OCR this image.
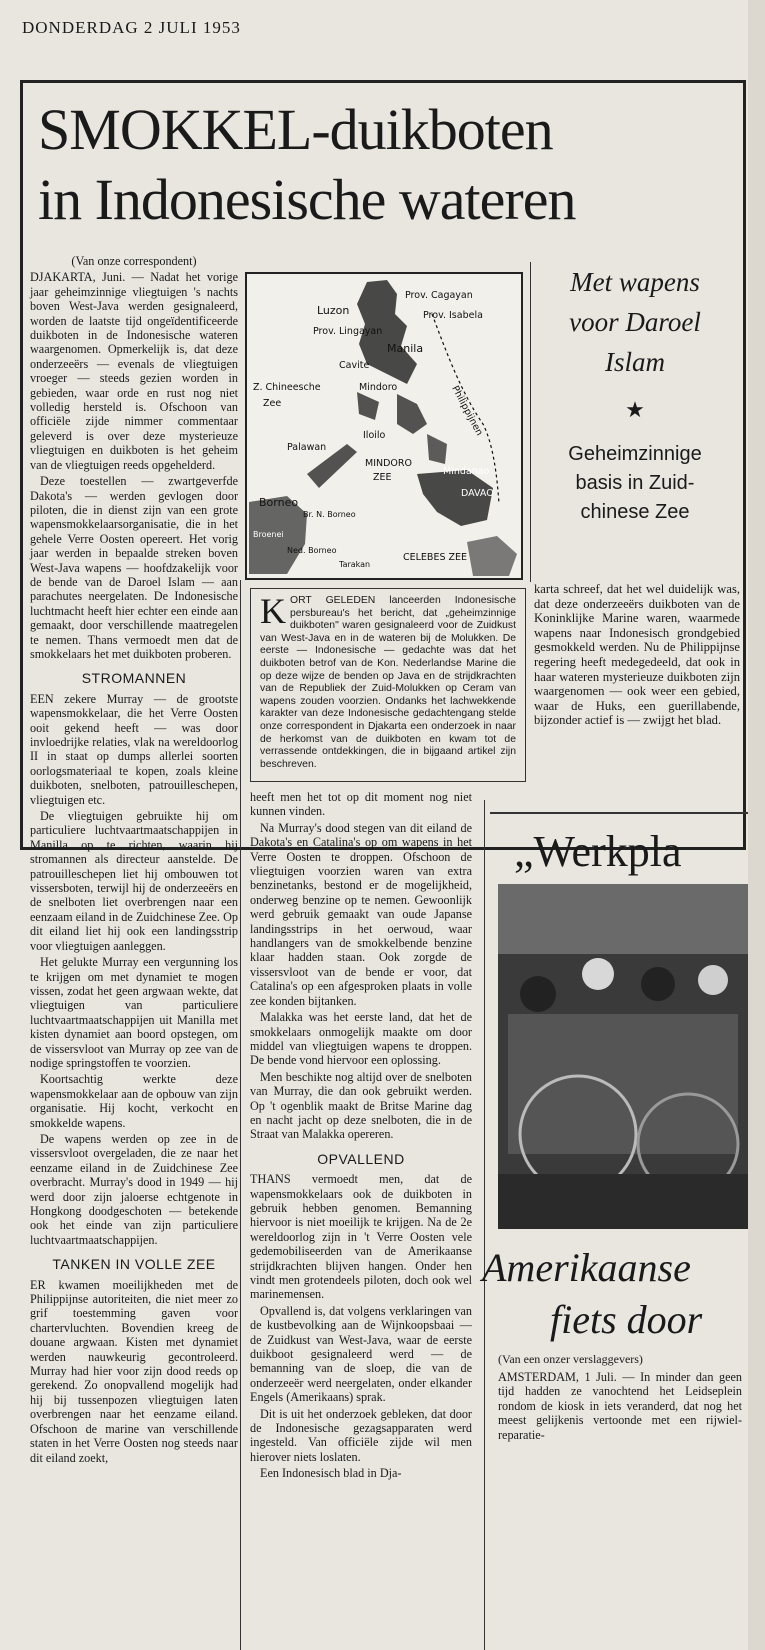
DONDERDAG 2 JULI 1953
SMOKKEL-duikboten
in Indonesische wateren

(Van onze correspondent)

DJAKARTA, Juni. — Nadat het vorige jaar geheimzinnige vliegtuigen 's nachts boven West-Java werden gesignaleerd, worden de laatste tijd ongeïdentificeerde duikboten in de Indonesische wateren waargenomen. Opmerkelijk is, dat deze onderzeeërs — evenals de vliegtuigen vroeger — steeds gezien worden in gebieden, waar orde en rust nog niet volledig hersteld is. Ofschoon van officiële zijde nimmer commentaar geleverd is over deze mysterieuze vliegtuigen en duikboten is het geheim van de vliegtuigen reeds opgehelderd.

Deze toestellen — zwartgeverfde Dakota's — werden gevlogen door piloten, die in dienst zijn van een grote wapensmokkelaarsorganisatie, die in het gehele Verre Oosten opereert. Het vorig jaar werden in bepaalde streken boven West-Java wapens — hoofdzakelijk voor de bende van de Daroel Islam — aan parachutes neergelaten. De Indonesische luchtmacht heeft hier echter een einde aan gemaakt, door verschillende maatregelen te nemen. Thans vermoedt men dat de smokkelaars het met duikboten proberen.

STROMANNEN

EEN zekere Murray — de grootste wapensmokkelaar, die het Verre Oosten ooit gekend heeft — was door invloedrijke relaties, vlak na wereldoorlog II in staat op dumps allerlei soorten oorlogsmateriaal te kopen, zoals kleine duikboten, snelboten, patrouilleschepen, vliegtuigen etc.

De vliegtuigen gebruikte hij om particuliere luchtvaartmaatschappijen in Manilla op te richten, waarin hij stromannen als directeur aanstelde. De patrouilleschepen liet hij ombouwen tot vissersboten, terwijl hij de onderzeeërs en de snelboten liet overbrengen naar een eenzaam eiland in de Zuidchinese Zee. Op dit eiland liet hij ook een landingsstrip voor vliegtuigen aanleggen.

Het gelukte Murray een vergunning los te krijgen om met dynamiet te mogen vissen, zodat het geen argwaan wekte, dat vliegtuigen van particuliere luchtvaartmaatschappijen uit Manilla met kisten dynamiet aan boord opstegen, om de vissersvloot van Murray op zee van de nodige springstoffen te voorzien.

Koortsachtig werkte deze wapensmokkelaar aan de opbouw van zijn organisatie. Hij kocht, verkocht en smokkelde wapens.

De wapens werden op zee in de vissersvloot overgeladen, die ze naar het eenzame eiland in de Zuidchinese Zee overbracht. Murray's dood in 1949 — hij werd door zijn jaloerse echtgenote in Hongkong doodgeschoten — betekende ook het einde van zijn particuliere luchtvaartmaatschappijen.

TANKEN IN VOLLE ZEE

ER kwamen moeilijkheden met de Philippijnse autoriteiten, die niet meer zo grif toestemming gaven voor chartervluchten. Bovendien kreeg de douane argwaan. Kisten met dynamiet werden nauwkeurig gecontroleerd. Murray had hier voor zijn dood reeds op gerekend. Zo onopvallend mogelijk had hij bij tussenpozen vliegtuigen laten overbrengen naar het eenzame eiland. Ofschoon de marine van verschillende staten in het Verre Oosten nog steeds naar dit eiland zoekt,

Prov. Cagayan
Luzon	Prov. Isabela
Prov. Lingayan
Manila
Cavite
Z. Chineesche
Zee
Mindoro	Philippijnen
Iloilo
Palawan
MINDORO
ZEE
Mindanao
DAVAO
Borneo
Br. N. Borneo
Broenei
Ned. Borneo
Tarakan
CELEBES ZEE
Met wapens
voor Daroel
Islam
★
Geheimzinnige
basis in Zuid-
chinese Zee
KORT GELEDEN lanceerden Indonesische persbureau's het bericht, dat „geheimzinnige duikboten" waren gesignaleerd voor de Zuidkust van West-Java en in de wateren bij de Molukken. De eerste — Indonesische — gedachte was dat het duikboten betrof van de Kon. Nederlandse Marine die op deze wijze de benden op Java en de strijdkrachten van de Republiek der Zuid-Molukken op Ceram van wapens zouden voorzien. Ondanks het lachwekkende karakter van deze Indonesische gedachtengang stelde onze correspondent in Djakarta een onderzoek in naar de herkomst van de duikboten en kwam tot de verrassende ontdekkingen, die in bijgaand artikel zijn beschreven.

karta schreef, dat het wel duidelijk was, dat deze onderzeeërs duikboten van de Koninklijke Marine waren, waarmede wapens naar Indonesisch grondgebied gesmokkeld werden. Nu de Philippijnse regering heeft medegedeeld, dat ook in haar wateren mysterieuze duikboten zijn waargenomen — ook weer een gebied, waar de Huks, een guerillabende, bijzonder actief is — zwijgt het blad.

heeft men het tot op dit moment nog niet kunnen vinden.

Na Murray's dood stegen van dit eiland de Dakota's en Catalina's op om wapens in het Verre Oosten te droppen. Ofschoon de vliegtuigen voorzien waren van extra benzinetanks, bestond er de mogelijkheid, onderweg benzine op te nemen. Gewoonlijk werd gebruik gemaakt van oude Japanse landingsstrips in het oerwoud, waar handlangers van de smokkelbende benzine klaar hadden staan. Ook zorgde de vissersvloot van de bende er voor, dat Catalina's op een afgesproken plaats in volle zee konden bijtanken.

Malakka was het eerste land, dat het de smokkelaars onmogelijk maakte om door middel van vliegtuigen wapens te droppen. De bende vond hiervoor een oplossing.

Men beschikte nog altijd over de snelboten van Murray, die dan ook gebruikt werden. Op 't ogenblik maakt de Britse Marine dag en nacht jacht op deze snelboten, die in de Straat van Malakka opereren.

OPVALLEND

THANS vermoedt men, dat de wapensmokkelaars ook de duikboten in gebruik hebben genomen. Bemanning hiervoor is niet moeilijk te krijgen. Na de 2e wereldoorlog zijn in 't Verre Oosten vele gedemobiliseerden van de Amerikaanse strijdkrachten blijven hangen. Onder hen vindt men grotendeels piloten, doch ook wel marinemensen.

Opvallend is, dat volgens verklaringen van de kustbevolking aan de Wijnkoopsbaai — de Zuidkust van West-Java, waar de eerste duikboot gesignaleerd werd — de bemanning van de sloep, die van de onderzeeër werd neergelaten, onder elkander Engels (Amerikaans) sprak.

Dit is uit het onderzoek gebleken, dat door de Indonesische gezagsapparaten werd ingesteld. Van officiële zijde wil men hierover niets loslaten.

Een Indonesisch blad in Dja-

„Werkpla
Amerikaanse
fiets door
(Van een onzer verslaggevers)

AMSTERDAM, 1 Juli. — In minder dan geen tijd hadden ze vanochtend het Leidseplein rondom de kiosk in iets veranderd, dat nog het meest gelijkenis vertoonde met een rijwiel-reparatie-
